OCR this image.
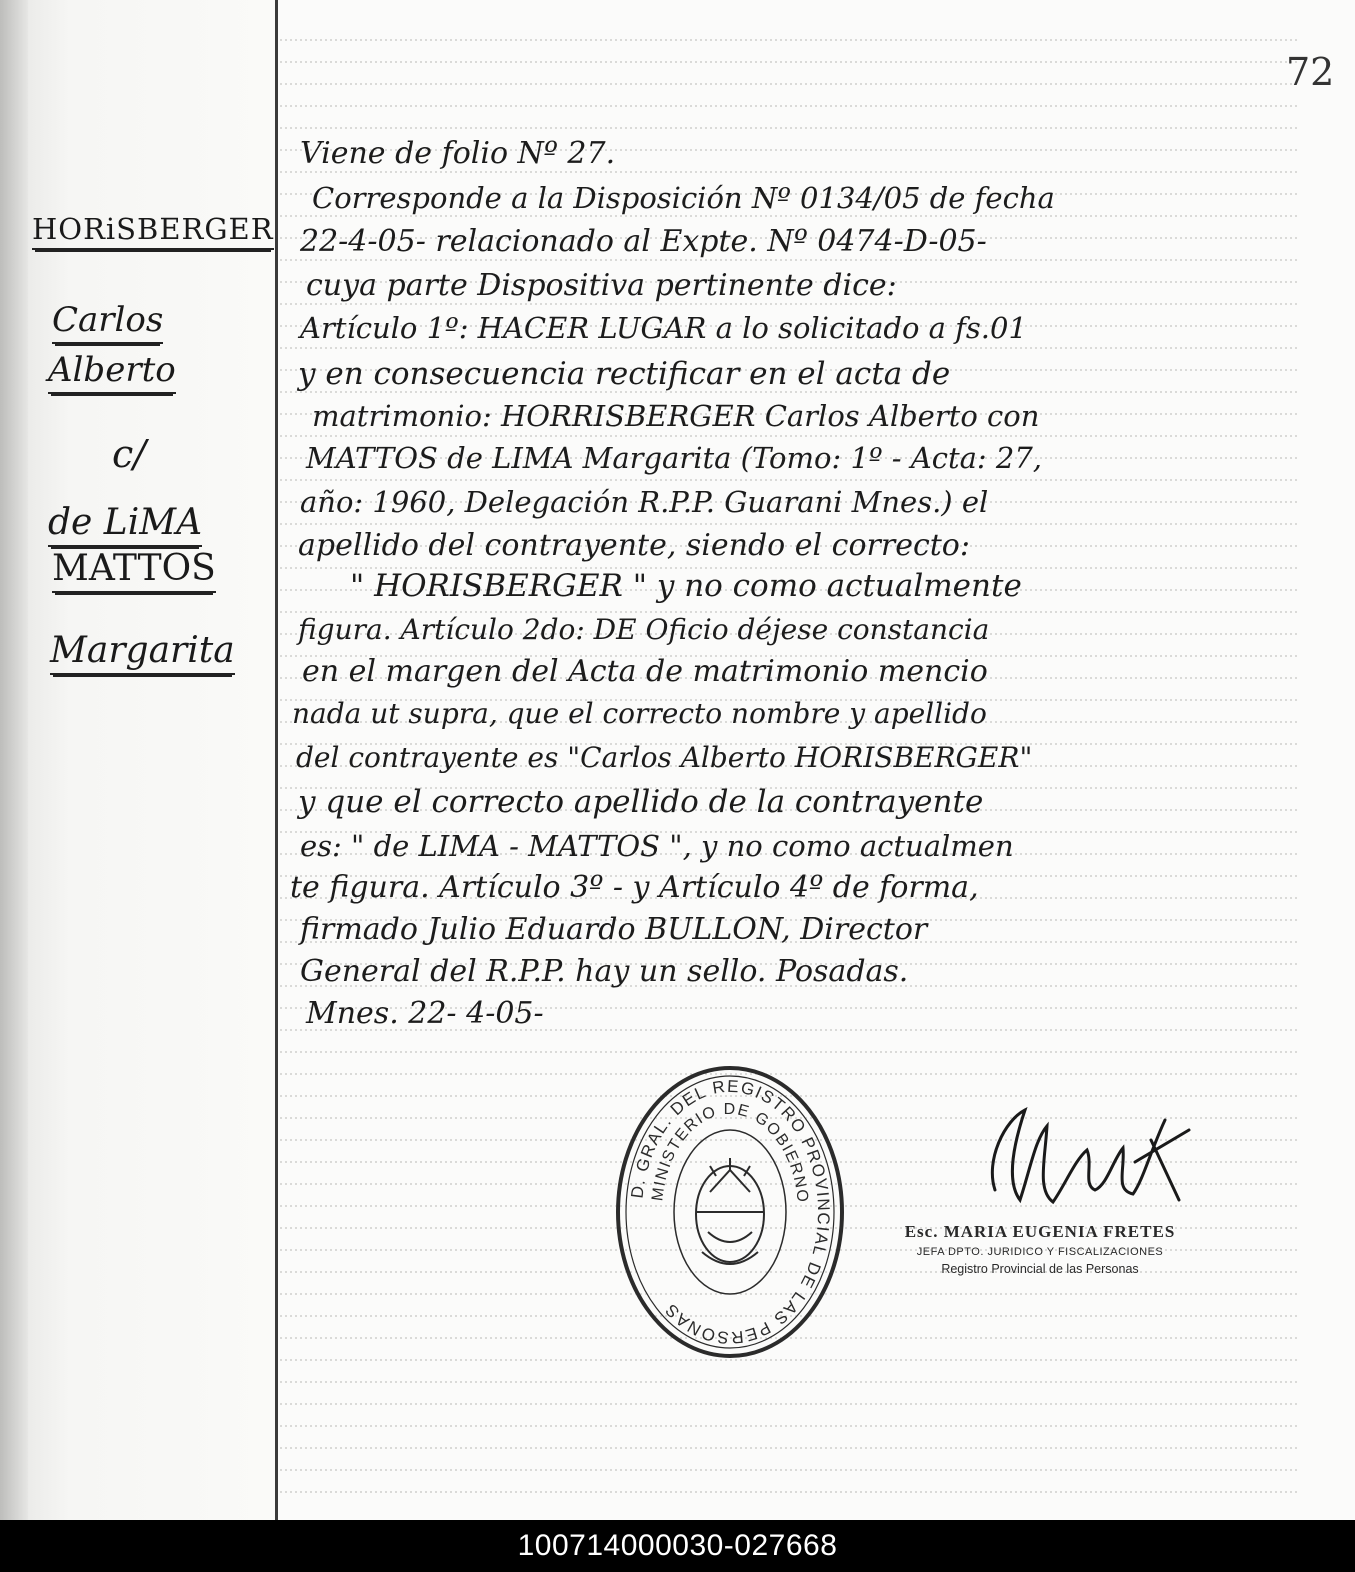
72
HORiSBERGER
Carlos
Alberto
c/
de LiMA
MATTOS
Margarita
Viene de folio Nº 27.
Corresponde a la Disposición Nº 0134/05 de fecha
22-4-05- relacionado al Expte. Nº 0474-D-05-
cuya parte Dispositiva pertinente dice:
Artículo 1º: HACER LUGAR a lo solicitado a fs.01
y en consecuencia rectificar en el acta de
matrimonio: HORRISBERGER Carlos Alberto con
MATTOS de LIMA Margarita (Tomo: 1º - Acta: 27,
año: 1960, Delegación R.P.P. Guarani Mnes.) el
apellido del contrayente, siendo el correcto:
" HORISBERGER " y no como actualmente
figura. Artículo 2do: DE Oficio déjese constancia
en el margen del Acta de matrimonio mencio
nada ut supra, que el correcto nombre y apellido
del contrayente es "Carlos Alberto HORISBERGER"
y que el correcto apellido de la contrayente
es: " de LIMA - MATTOS ", y no como actualmen
te figura. Artículo 3º - y Artículo 4º de forma,
firmado Julio Eduardo BULLON, Director
General del R.P.P. hay un sello. Posadas.
Mnes. 22- 4-05-
D. GRAL. DEL REGISTRO PROVINCIAL DE LAS PERSONAS
MINISTERIO DE GOBIERNO
Esc. MARIA EUGENIA FRETES
JEFA DPTO. JURIDICO Y FISCALIZACIONES
Registro Provincial de las Personas
100714000030-027668
